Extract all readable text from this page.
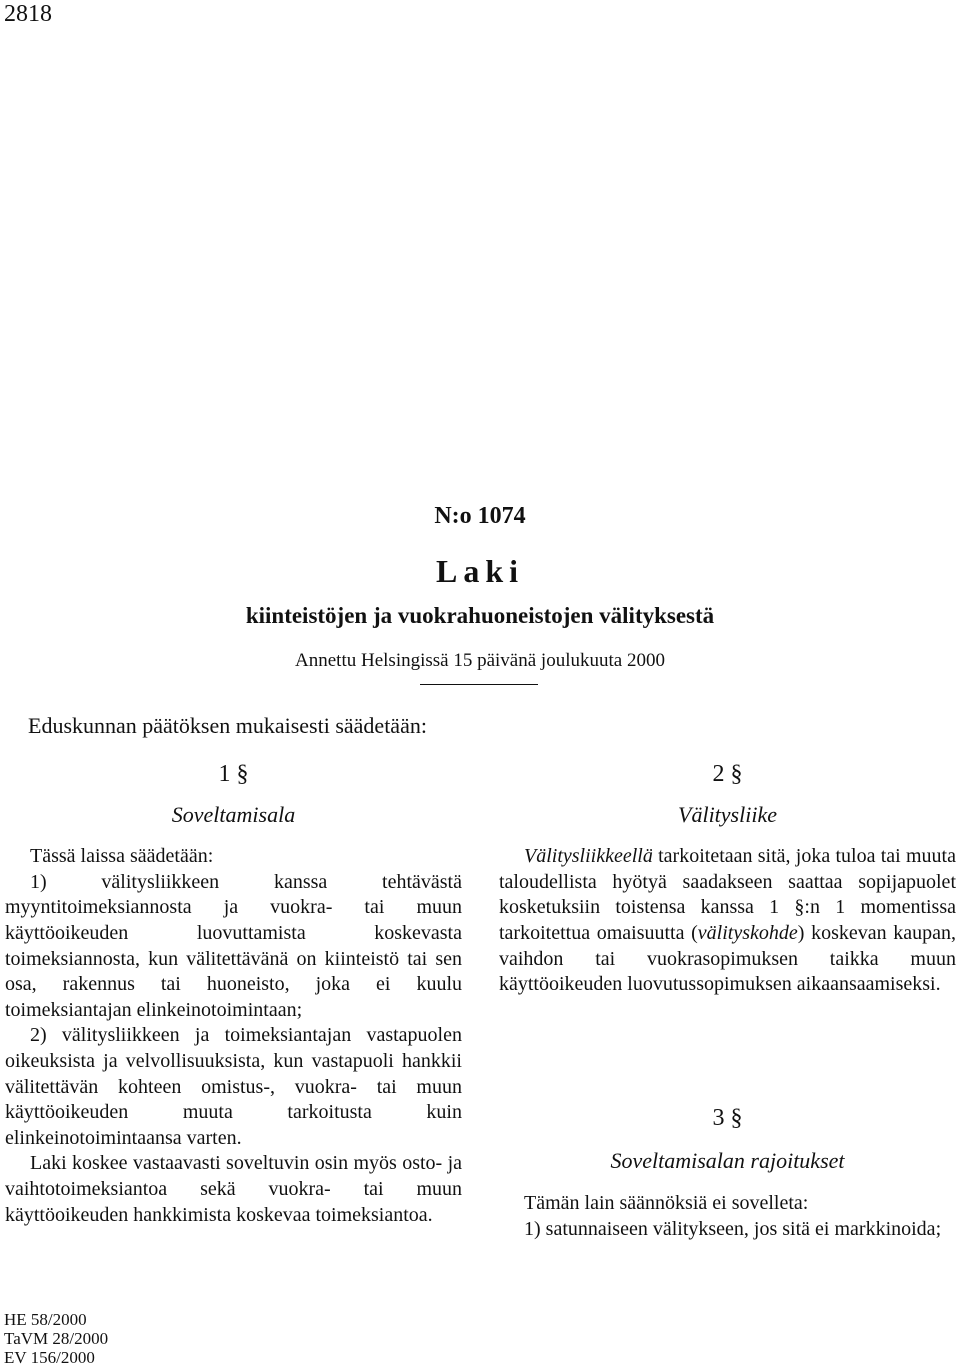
2818
N:o 1074
Laki
kiinteistöjen ja vuokrahuoneistojen välityksestä
Annettu Helsingissä 15 päivänä joulukuuta 2000
Eduskunnan päätöksen mukaisesti säädetään:
1 §
Soveltamisala

Tässä laissa säädetään:

1) välitysliikkeen kanssa tehtävästä myyntitoimeksiannosta ja vuokra- tai muun käyttöoikeuden luovuttamista koskevasta toimeksiannosta, kun välitettävänä on kiinteistö tai sen osa, rakennus tai huoneisto, joka ei kuulu toimeksiantajan elinkeinotoimintaan;

2) välitysliikkeen ja toimeksiantajan vastapuolen oikeuksista ja velvollisuuksista, kun vastapuoli hankkii välitettävän kohteen omistus-, vuokra- tai muun käyttöoikeuden muuta tarkoitusta kuin elinkeinotoimintaansa varten.

Laki koskee vastaavasti soveltuvin osin myös osto- ja vaihtotoimeksiantoa sekä vuokra- tai muun käyttöoikeuden hankkimista koskevaa toimeksiantoa.

2 §
Välitysliike

Välitysliikkeellä tarkoitetaan sitä, joka tuloa tai muuta taloudellista hyötyä saadakseen saattaa sopijapuolet kosketuksiin toistensa kanssa 1 §:n 1 momentissa tarkoitettua omaisuutta (välityskohde) koskevan kaupan, vaihdon tai vuokrasopimuksen taikka muun käyttöoikeuden luovutussopimuksen aikaansaamiseksi.

3 §
Soveltamisalan rajoitukset

Tämän lain säännöksiä ei sovelleta:

1) satunnaiseen välitykseen, jos sitä ei markkinoida;

HE 58/2000
TaVM 28/2000
EV 156/2000
